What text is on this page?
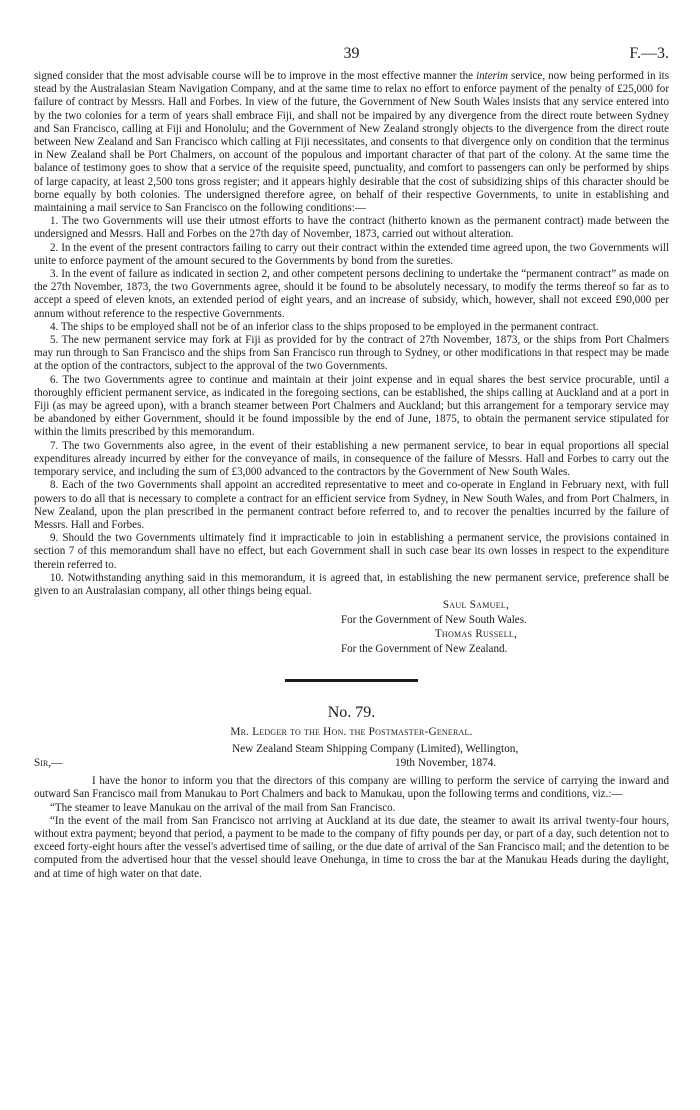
39	F.—3.

signed consider that the most advisable course will be to improve in the most effective manner the interim service, now being performed in its stead by the Australasian Steam Navigation Company, and at the same time to relax no effort to enforce payment of the penalty of £25,000 for failure of contract by Messrs. Hall and Forbes. In view of the future, the Government of New South Wales insists that any service entered into by the two colonies for a term of years shall embrace Fiji, and shall not be impaired by any divergence from the direct route between Sydney and San Francisco, calling at Fiji and Honolulu; and the Government of New Zealand strongly objects to the divergence from the direct route between New Zealand and San Francisco which calling at Fiji necessitates, and consents to that divergence only on condition that the terminus in New Zealand shall be Port Chalmers, on account of the populous and important character of that part of the colony. At the same time the balance of testimony goes to show that a service of the requisite speed, punctuality, and comfort to passengers can only be performed by ships of large capacity, at least 2,500 tons gross register; and it appears highly desirable that the cost of subsidizing ships of this character should be borne equally by both colonies. The undersigned therefore agree, on behalf of their respective Governments, to unite in establishing and maintaining a mail service to San Francisco on the following conditions:—

1. The two Governments will use their utmost efforts to have the contract (hitherto known as the permanent contract) made between the undersigned and Messrs. Hall and Forbes on the 27th day of November, 1873, carried out without alteration.

2. In the event of the present contractors failing to carry out their contract within the extended time agreed upon, the two Governments will unite to enforce payment of the amount secured to the Governments by bond from the sureties.

3. In the event of failure as indicated in section 2, and other competent persons declining to undertake the “permanent contract” as made on the 27th November, 1873, the two Governments agree, should it be found to be absolutely necessary, to modify the terms thereof so far as to accept a speed of eleven knots, an extended period of eight years, and an increase of subsidy, which, however, shall not exceed £90,000 per annum without reference to the respective Governments.

4. The ships to be employed shall not be of an inferior class to the ships proposed to be employed in the permanent contract.

5. The new permanent service may fork at Fiji as provided for by the contract of 27th November, 1873, or the ships from Port Chalmers may run through to San Francisco and the ships from San Francisco run through to Sydney, or other modifications in that respect may be made at the option of the contractors, subject to the approval of the two Governments.

6. The two Governments agree to continue and maintain at their joint expense and in equal shares the best service procurable, until a thoroughly efficient permanent service, as indicated in the foregoing sections, can be established, the ships calling at Auckland and at a port in Fiji (as may be agreed upon), with a branch steamer between Port Chalmers and Auckland; but this arrangement for a temporary service may be abandoned by either Government, should it be found impossible by the end of June, 1875, to obtain the permanent service stipulated for within the limits prescribed by this memorandum.

7. The two Governments also agree, in the event of their establishing a new permanent service, to bear in equal proportions all special expenditures already incurred by either for the conveyance of mails, in consequence of the failure of Messrs. Hall and Forbes to carry out the temporary service, and including the sum of £3,000 advanced to the contractors by the Government of New South Wales.

8. Each of the two Governments shall appoint an accredited representative to meet and co-operate in England in February next, with full powers to do all that is necessary to complete a contract for an efficient service from Sydney, in New South Wales, and from Port Chalmers, in New Zealand, upon the plan prescribed in the permanent contract before referred to, and to recover the penalties incurred by the failure of Messrs. Hall and Forbes.

9. Should the two Governments ultimately find it impracticable to join in establishing a permanent service, the provisions contained in section 7 of this memorandum shall have no effect, but each Government shall in such case bear its own losses in respect to the expenditure therein referred to.

10. Notwithstanding anything said in this memorandum, it is agreed that, in establishing the new permanent service, preference shall be given to an Australasian company, all other things being equal.

Saul Samuel,
For the Government of New South Wales.
Thomas Russell,
For the Government of New Zealand.
No. 79.
Mr. Ledger to the Hon. the Postmaster-General.
New Zealand Steam Shipping Company (Limited), Wellington,
19th November, 1874.
Sir,—

I have the honor to inform you that the directors of this company are willing to perform the service of carrying the inward and outward San Francisco mail from Manukau to Port Chalmers and back to Manukau, upon the following terms and conditions, viz.:—

“The steamer to leave Manukau on the arrival of the mail from San Francisco.

“In the event of the mail from San Francisco not arriving at Auckland at its due date, the steamer to await its arrival twenty-four hours, without extra payment; beyond that period, a payment to be made to the company of fifty pounds per day, or part of a day, such detention not to exceed forty-eight hours after the vessel's advertised time of sailing, or the due date of arrival of the San Francisco mail; and the detention to be computed from the advertised hour that the vessel should leave Onehunga, in time to cross the bar at the Manukau Heads during the daylight, and at time of high water on that date.
